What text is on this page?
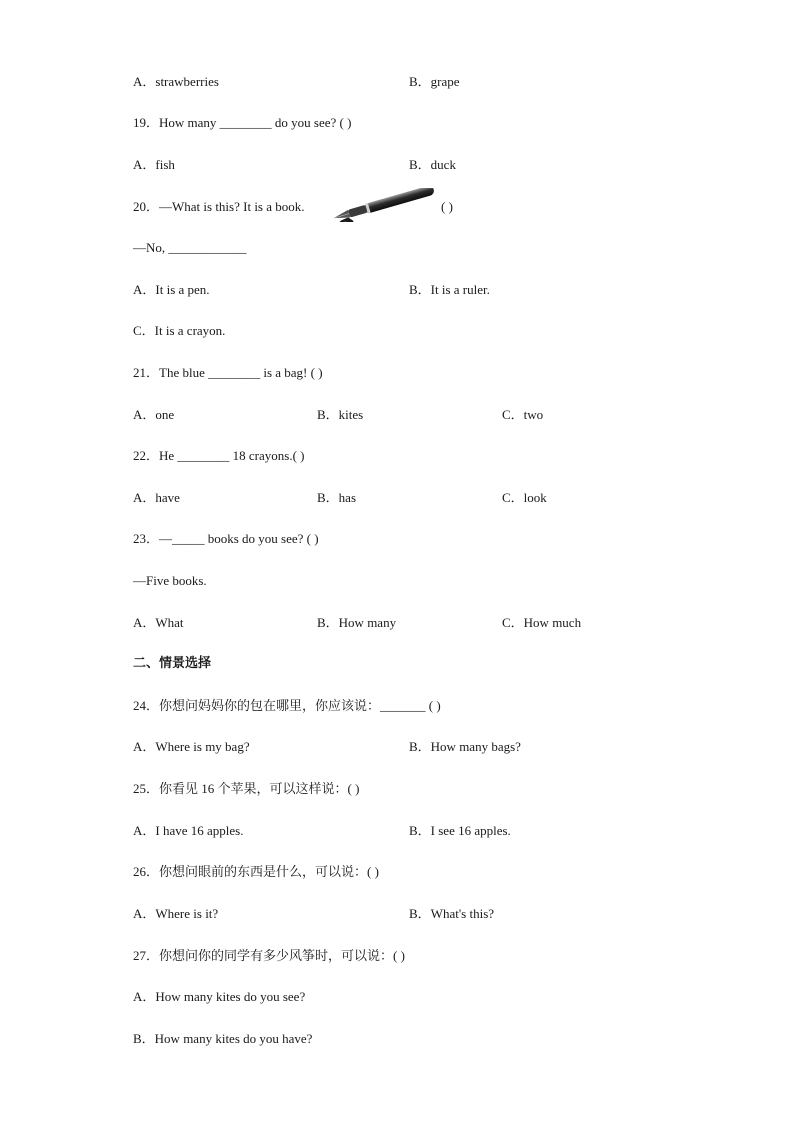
A．strawberries	B．grape
19．How many ________ do you see? ( )
A．fish	B．duck
20．—What is this? It is a book.	( )
—No, ____________
A．It is a pen.	B．It is a ruler.
C．It is a crayon.
21．The blue ________ is a bag! ( )
A．one	B．kites	C．two
22．He ________ 18 crayons.( )
A．have	B．has	C．look
23．—_____ books do you see? ( )
—Five books.
A．What	B．How many	C．How much
二、情景选择
24．你想问妈妈你的包在哪里，你应该说：_______ ( )
A．Where is my bag?	B．How many bags?
25．你看见 16 个苹果，可以这样说：( )
A．I have 16 apples.	B．I see 16 apples.
26．你想问眼前的东西是什么，可以说：( )
A．Where is it?	B．What's this?
27．你想问你的同学有多少风筝时，可以说：( )
A．How many kites do you see?
B．How many kites do you have?
